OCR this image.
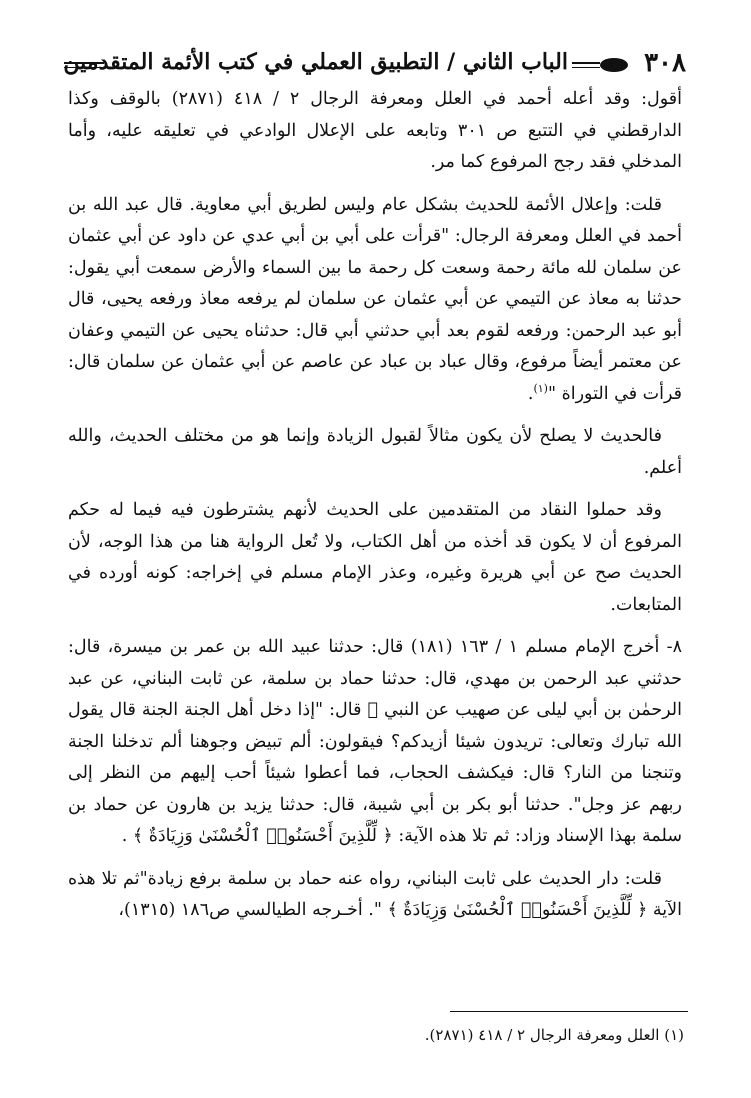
٣٠٨
الباب الثاني / التطبيق العملي في كتب الأئمة المتقدمين

أقول: وقد أعله أحمد في العلل ومعرفة الرجال ٢ / ٤١٨ (٢٨٧١) بالوقف وكذا الدارقطني في التتبع ص ٣٠١ وتابعه على الإعلال الوادعي في تعليقه عليه، وأما المدخلي فقد رجح المرفوع كما مر.

قلت: وإعلال الأئمة للحديث بشكل عام وليس لطريق أبي معاوية. قال عبد الله بن أحمد في العلل ومعرفة الرجال: "قرأت على أبي بن أبي عدي عن داود عن أبي عثمان عن سلمان لله مائة رحمة وسعت كل رحمة ما بين السماء والأرض سمعت أبي يقول: حدثنا به معاذ عن التيمي عن أبي عثمان عن سلمان لم يرفعه معاذ ورفعه يحيى، قال أبو عبد الرحمن: ورفعه لقوم بعد أبي حدثني أبي قال: حدثناه يحيى عن التيمي وعفان عن معتمر أيضاً مرفوع، وقال عباد بن عباد عن عاصم عن أبي عثمان عن سلمان قال: قرأت في التوراة "$^{(١)}$.

فالحديث لا يصلح لأن يكون مثالاً لقبول الزيادة وإنما هو من مختلف الحديث، والله أعلم.

وقد حملوا النقاد من المتقدمين على الحديث لأنهم يشترطون فيه فيما له حكم المرفوع أن لا يكون قد أخذه من أهل الكتاب، ولا تُعل الرواية هنا من هذا الوجه، لأن الحديث صح عن أبي هريرة وغيره، وعذر الإمام مسلم في إخراجه: كونه أورده في المتابعات.

٨- أخرج الإمام مسلم ١ / ١٦٣ (١٨١) قال: حدثنا عبيد الله بن عمر بن ميسرة، قال: حدثني عبد الرحمن بن مهدي، قال: حدثنا حماد بن سلمة، عن ثابت البناني، عن عبد الرحمٰن بن أبي ليلى عن صهيب عن النبي ﷺ قال: "إذا دخل أهل الجنة الجنة قال يقول الله تبارك وتعالى: تريدون شيئا أزيدكم؟ فيقولون: ألم تبيض وجوهنا ألم تدخلنا الجنة وتنجنا من النار؟ قال: فيكشف الحجاب، فما أعطوا شيئاً أحب إليهم من النظر إلى ربهم عز وجل". حدثنا أبو بكر بن أبي شيبة، قال: حدثنا يزيد بن هارون عن حماد بن سلمة بهذا الإسناد وزاد: ثم تلا هذه الآية: ﴿ لِّلَّذِينَ أَحْسَنُوا۟ ٱلْحُسْنَىٰ وَزِيَادَةٌ ﴾ .

قلت: دار الحديث على ثابت البناني، رواه عنه حماد بن سلمة برفع زيادة"ثم تلا هذه الآية ﴿ لِّلَّذِينَ أَحْسَنُوا۟ ٱلْحُسْنَىٰ وَزِيَادَةٌ ﴾ ". أخـرجه الطيالسي ص١٨٦ (١٣١٥)،

(١) العلل ومعرفة الرجال ٢ / ٤١٨ (٢٨٧١).
